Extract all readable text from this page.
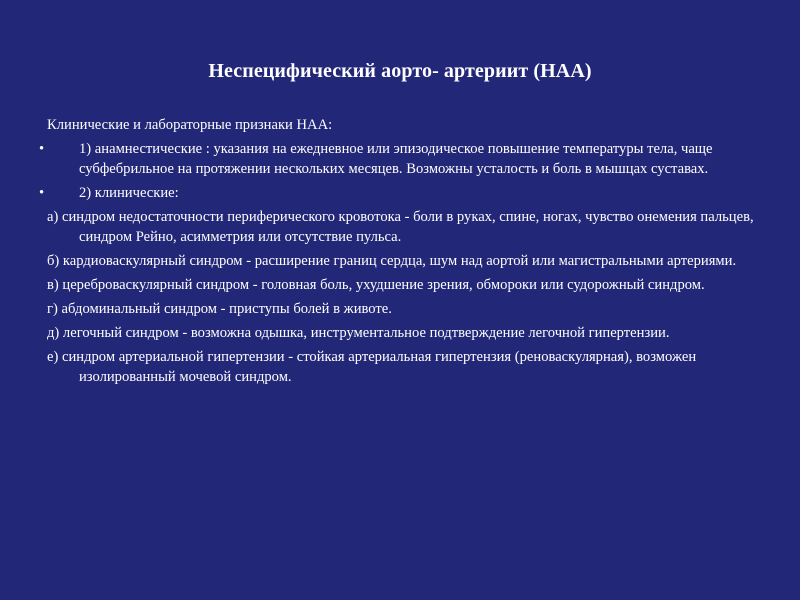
Неспецифический аорто- артериит (НАА)
Клинические и лабораторные признаки НАА:
• 1) анамнестические : указания на ежедневное или эпизодическое повышение температуры тела, чаще субфебрильное на протяжении нескольких месяцев. Возможны усталость и боль в мышцах суставах.
• 2) клинические:
а) синдром недостаточности периферического кровотока - боли в руках, спине, ногах, чувство онемения пальцев, синдром Рейно, асимметрия или отсутствие пульса.
б) кардиоваскулярный синдром - расширение границ сердца, шум над аортой или магистральными артериями.
в) цереброваскулярный синдром - головная боль, ухудшение зрения, обмороки или судорожный синдром.
г) абдоминальный синдром - приступы болей в животе.
д) легочный синдром - возможна одышка, инструментальное подтверждение легочной гипертензии.
е) синдром артериальной гипертензии - стойкая артериальная гипертензия (реноваскулярная), возможен изолированный мочевой синдром.
